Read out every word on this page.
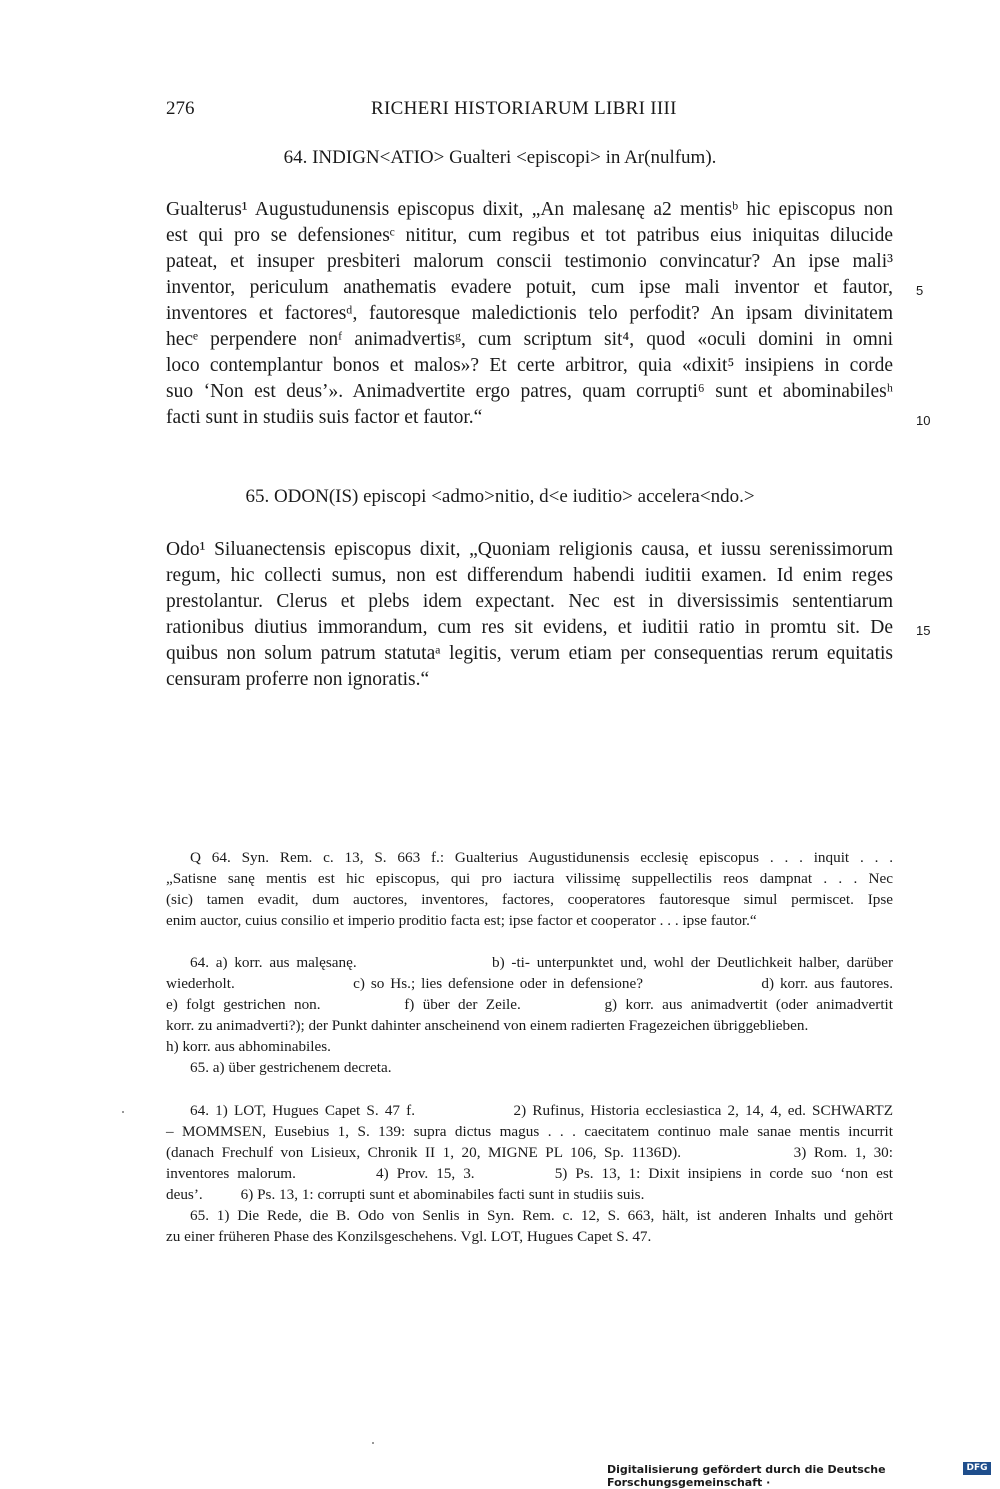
276	RICHERI HISTORIARUM LIBRI IIII
64. INDIGN<ATIO> Gualteri <episcopi> in Ar(nulfum).
Gualterus¹ Augustudunensis episcopus dixit, „An malesanę a2 mentisᵇ hic episcopus non
est qui pro se defensionesᶜ nititur, cum regibus et tot patribus eius iniquitas dilucide
pateat, et insuper presbiteri malorum conscii testimonio convincatur? An ipse mali³
inventor, periculum anathematis evadere potuit, cum ipse mali inventor et fautor,
inventores et factoresᵈ, fautoresque maledictionis telo perfodit? An ipsam divinitatem
hecᵉ perpendere nonᶠ animadvertisᵍ, cum scriptum sit⁴, quod «oculi domini in omni
loco contemplantur bonos et malos»? Et certe arbitror, quia «dixit⁵ insipiens in corde
suo ‘Non est deus’». Animadvertite ergo patres, quam corrupti⁶ sunt et abominabilesʰ
facti sunt in studiis suis factor et fautor.“
5
10
65. ODON(IS) episcopi <admo>nitio, d<e iuditio> accelera<ndo.>
Odo¹ Siluanectensis episcopus dixit, „Quoniam religionis causa, et iussu serenissimorum
regum, hic collecti sumus, non est differendum habendi iuditii examen. Id enim reges
prestolantur. Clerus et plebs idem expectant. Nec est in diversissimis sententiarum
rationibus diutius immorandum, cum res sit evidens, et iuditii ratio in promtu sit. De
quibus non solum patrum statutaᵃ legitis, verum etiam per consequentias rerum equitatis
censuram proferre non ignoratis.“
15
Q 64. Syn. Rem. c. 13, S. 663 f.: Gualterius Augustidunensis ecclesię episcopus . . . inquit . . .
„Satisne sanę mentis est hic episcopus, qui pro iactura vilissimę suppellectilis reos dampnat . . . Nec
(sic) tamen evadit, dum auctores, inventores, factores, cooperatores fautoresque simul permiscet. Ipse
enim auctor, cuius consilio et imperio proditio facta est; ipse factor et cooperator . . . ipse fautor.“
64. a) korr. aus malęsanę.                    b) -ti- unterpunktet und, wohl der Deutlichkeit halber, darüber
wiederholt.                    c) so Hs.; lies defensione oder in defensione?                    d) korr. aus fautores.
e) folgt gestrichen non.          f) über der Zeile.          g) korr. aus animadvertit (oder animadvertit
korr. zu animadverti?); der Punkt dahinter anscheinend von einem radierten Fragezeichen übriggeblieben.
h) korr. aus abhominabiles.
65. a) über gestrichenem decreta.
64. 1) LOT, Hugues Capet S. 47 f.                2) Rufinus, Historia ecclesiastica 2, 14, 4, ed. SCHWARTZ
– MOMMSEN, Eusebius 1, S. 139: supra dictus magus . . . caecitatem continuo male sanae mentis incurrit
(danach Frechulf von Lisieux, Chronik II 1, 20, MIGNE PL 106, Sp. 1136D).               3) Rom. 1, 30:
inventores malorum.          4) Prov. 15, 3.          5) Ps. 13, 1: Dixit insipiens in corde suo ‘non est
deus’.          6) Ps. 13, 1: corrupti sunt et abominabiles facti sunt in studiis suis.
65. 1) Die Rede, die B. Odo von Senlis in Syn. Rem. c. 12, S. 663, hält, ist anderen Inhalts und gehört
zu einer früheren Phase des Konzilsgeschehens. Vgl. LOT, Hugues Capet S. 47.
Digitalisierung gefördert durch die Deutsche Forschungsgemeinschaft ·
DFG
